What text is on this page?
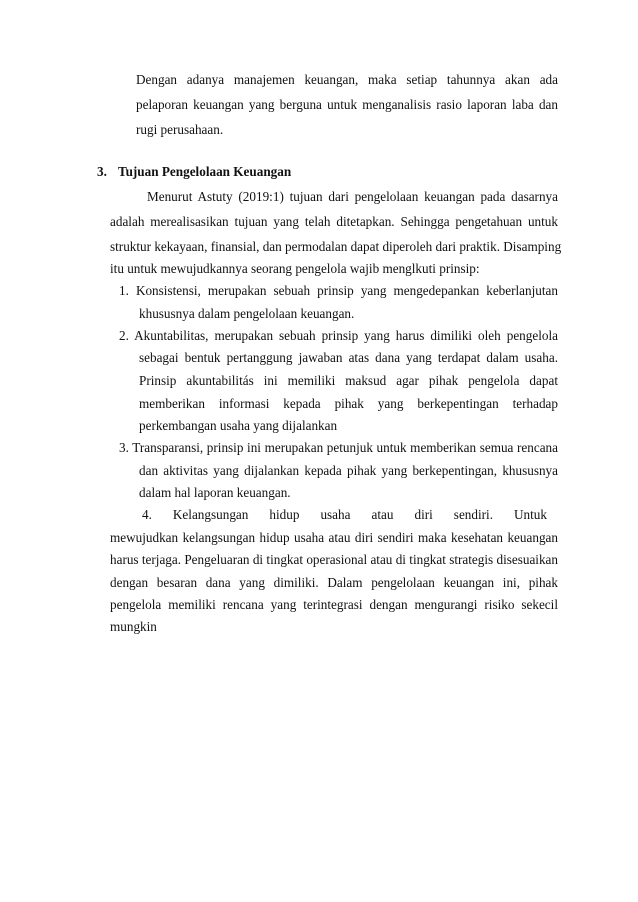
Dengan adanya manajemen keuangan, maka setiap tahunnya akan ada
pelaporan keuangan yang berguna untuk menganalisis rasio laporan laba dan
rugi perusahaan.
3. Tujuan Pengelolaan Keuangan
Menurut Astuty (2019:1) tujuan dari pengelolaan keuangan pada dasarnya
adalah merealisasikan tujuan yang telah ditetapkan. Sehingga pengetahuan untuk
struktur kekayaan, finansial, dan permodalan dapat diperoleh dari praktik. Disamping
itu untuk mewujudkannya seorang pengelola wajib menglkuti prinsip:
1. Konsistensi, merupakan sebuah prinsip yang mengedepankan keberlanjutan
khususnya dalam pengelolaan keuangan.
2. Akuntabilitas, merupakan sebuah prinsip yang harus dimiliki oleh pengelola
sebagai bentuk pertanggung jawaban atas dana yang terdapat dalam usaha.
Prinsip akuntabilitás ini memiliki maksud agar pihak pengelola dapat
memberikan informasi kepada pihak yang berkepentingan terhadap
perkembangan usaha yang dijalankan
3. Transparansi, prinsip ini merupakan petunjuk untuk memberikan semua rencana
dan aktivitas yang dijalankan kepada pihak yang berkepentingan, khususnya
dalam hal laporan keuangan.
4. Kelangsungan hidup usaha atau diri sendiri. Untuk
mewujudkan kelangsungan hidup usaha atau diri sendiri maka kesehatan keuangan
harus terjaga. Pengeluaran di tingkat operasional atau di tingkat strategis disesuaikan
dengan besaran dana yang dimiliki. Dalam pengelolaan keuangan ini, pihak
pengelola memiliki rencana yang terintegrasi dengan mengurangi risiko sekecil
mungkin
